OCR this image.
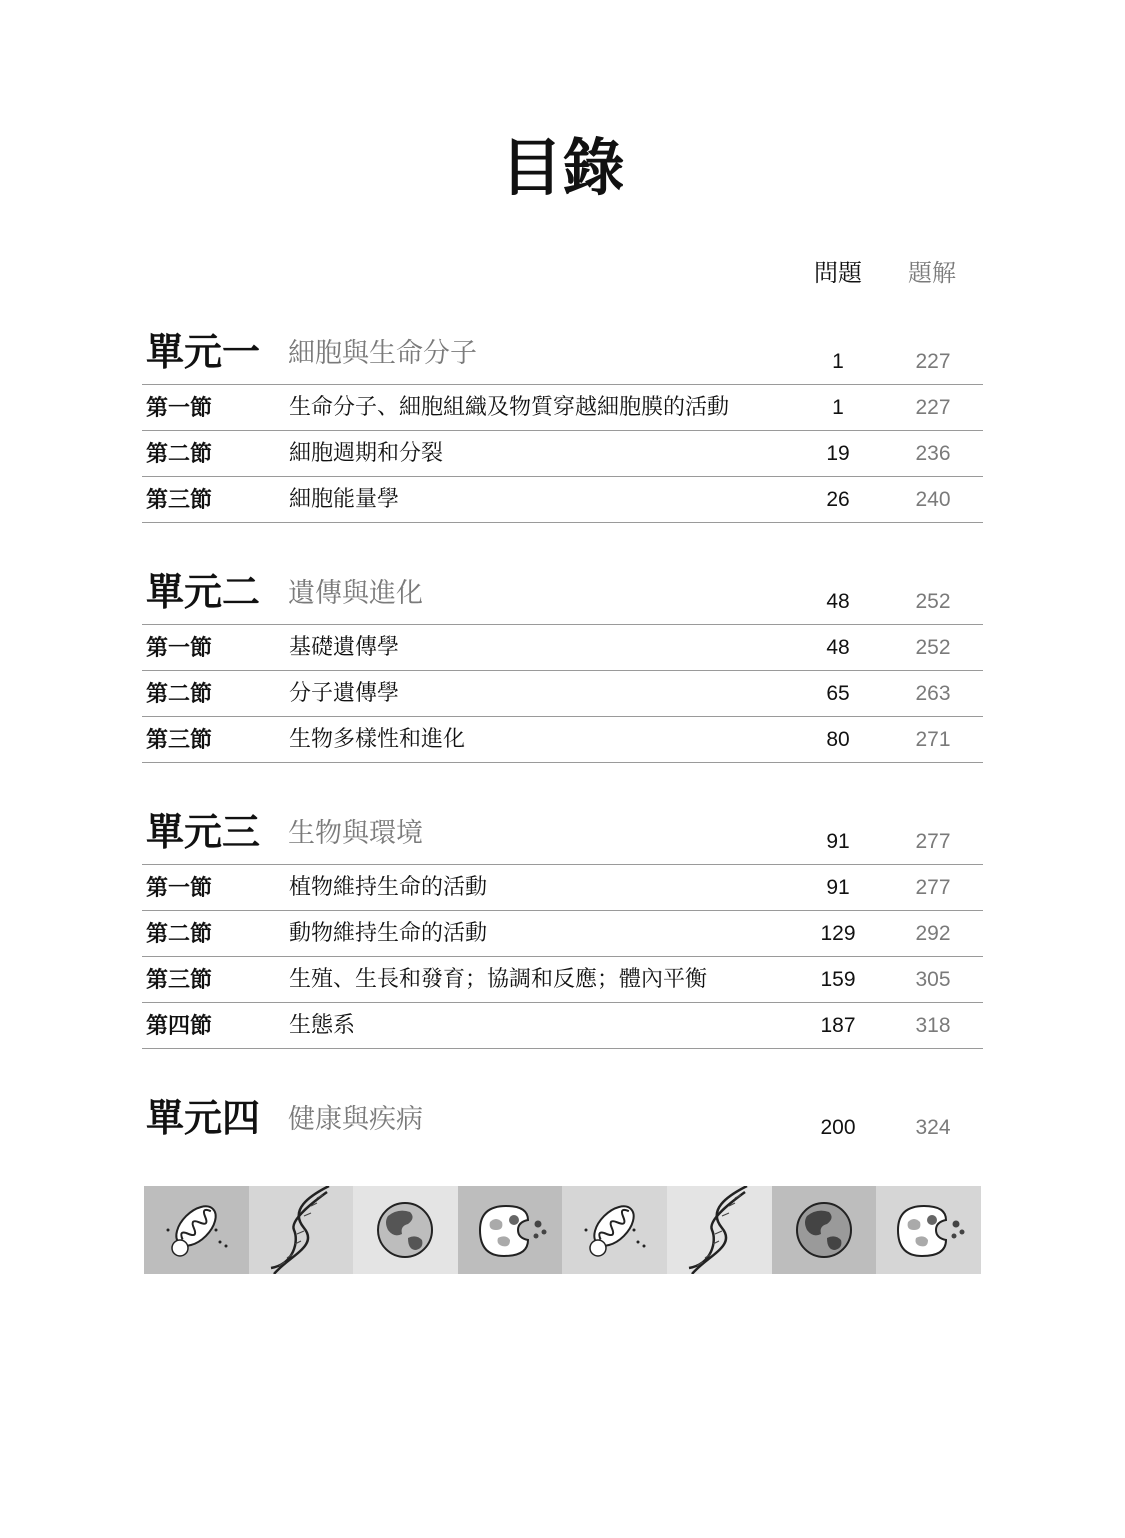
目錄
問題 題解
單元一 細胞與生命分子	1	227
第一節	生命分子、細胞組織及物質穿越細胞膜的活動	1	227
第二節	細胞週期和分裂	19	236
第三節	細胞能量學	26	240
單元二 遺傳與進化	48	252
第一節	基礎遺傳學	48	252
第二節	分子遺傳學	65	263
第三節	生物多樣性和進化	80	271
單元三 生物與環境	91	277
第一節	植物維持生命的活動	91	277
第二節	動物維持生命的活動	129	292
第三節	生殖、生長和發育；協調和反應；體內平衡	159	305
第四節	生態系	187	318
單元四 健康與疾病	200	324
